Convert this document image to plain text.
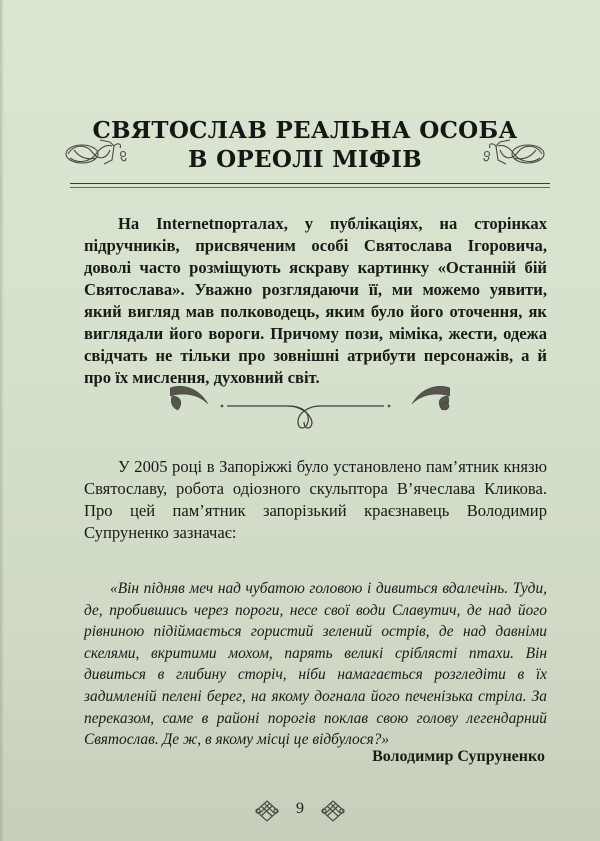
СВЯТОСЛАВ РЕАЛЬНА ОСОБА
В ОРЕОЛІ МІФІВ
На Internetпорталах, у публікаціях, на сторінках підручників, присвяченим особі Святослава Ігоровича, доволі часто розміщують яскраву картинку «Останній бій Святослава». Уважно розглядаючи її, ми можемо уявити, який вигляд мав полководець, яким було його оточення, як виглядали його вороги. Причому пози, міміка, жести, одежа свідчать не тільки про зовнішні атрибути персонажів, а й про їх мислення, духовний світ.
У 2005 році в Запоріжжі було установлено пам’ятник князю Святославу, робота одіозного скульптора В’ячеслава Кликова. Про цей пам’ятник запорізький краєзнавець Володимир Супруненко зазначає:
«Він підняв меч над чубатою головою і дивиться вдалечінь. Туди, де, пробившись через пороги, несе свої води Славутич, де над його рівниною підіймається гористий зелений острів, де над давніми скелями, вкритими мохом, парять великі сріблясті птахи. Він дивиться в глибину сторіч, ніби намагається розгледіти в їх задимленій пелені берег, на якому догнала його печенізька стріла. За переказом, саме в районі порогів поклав свою голову легендарний Святослав. Де ж, в якому місці це відбулося?»
Володимир Супруненко
9
